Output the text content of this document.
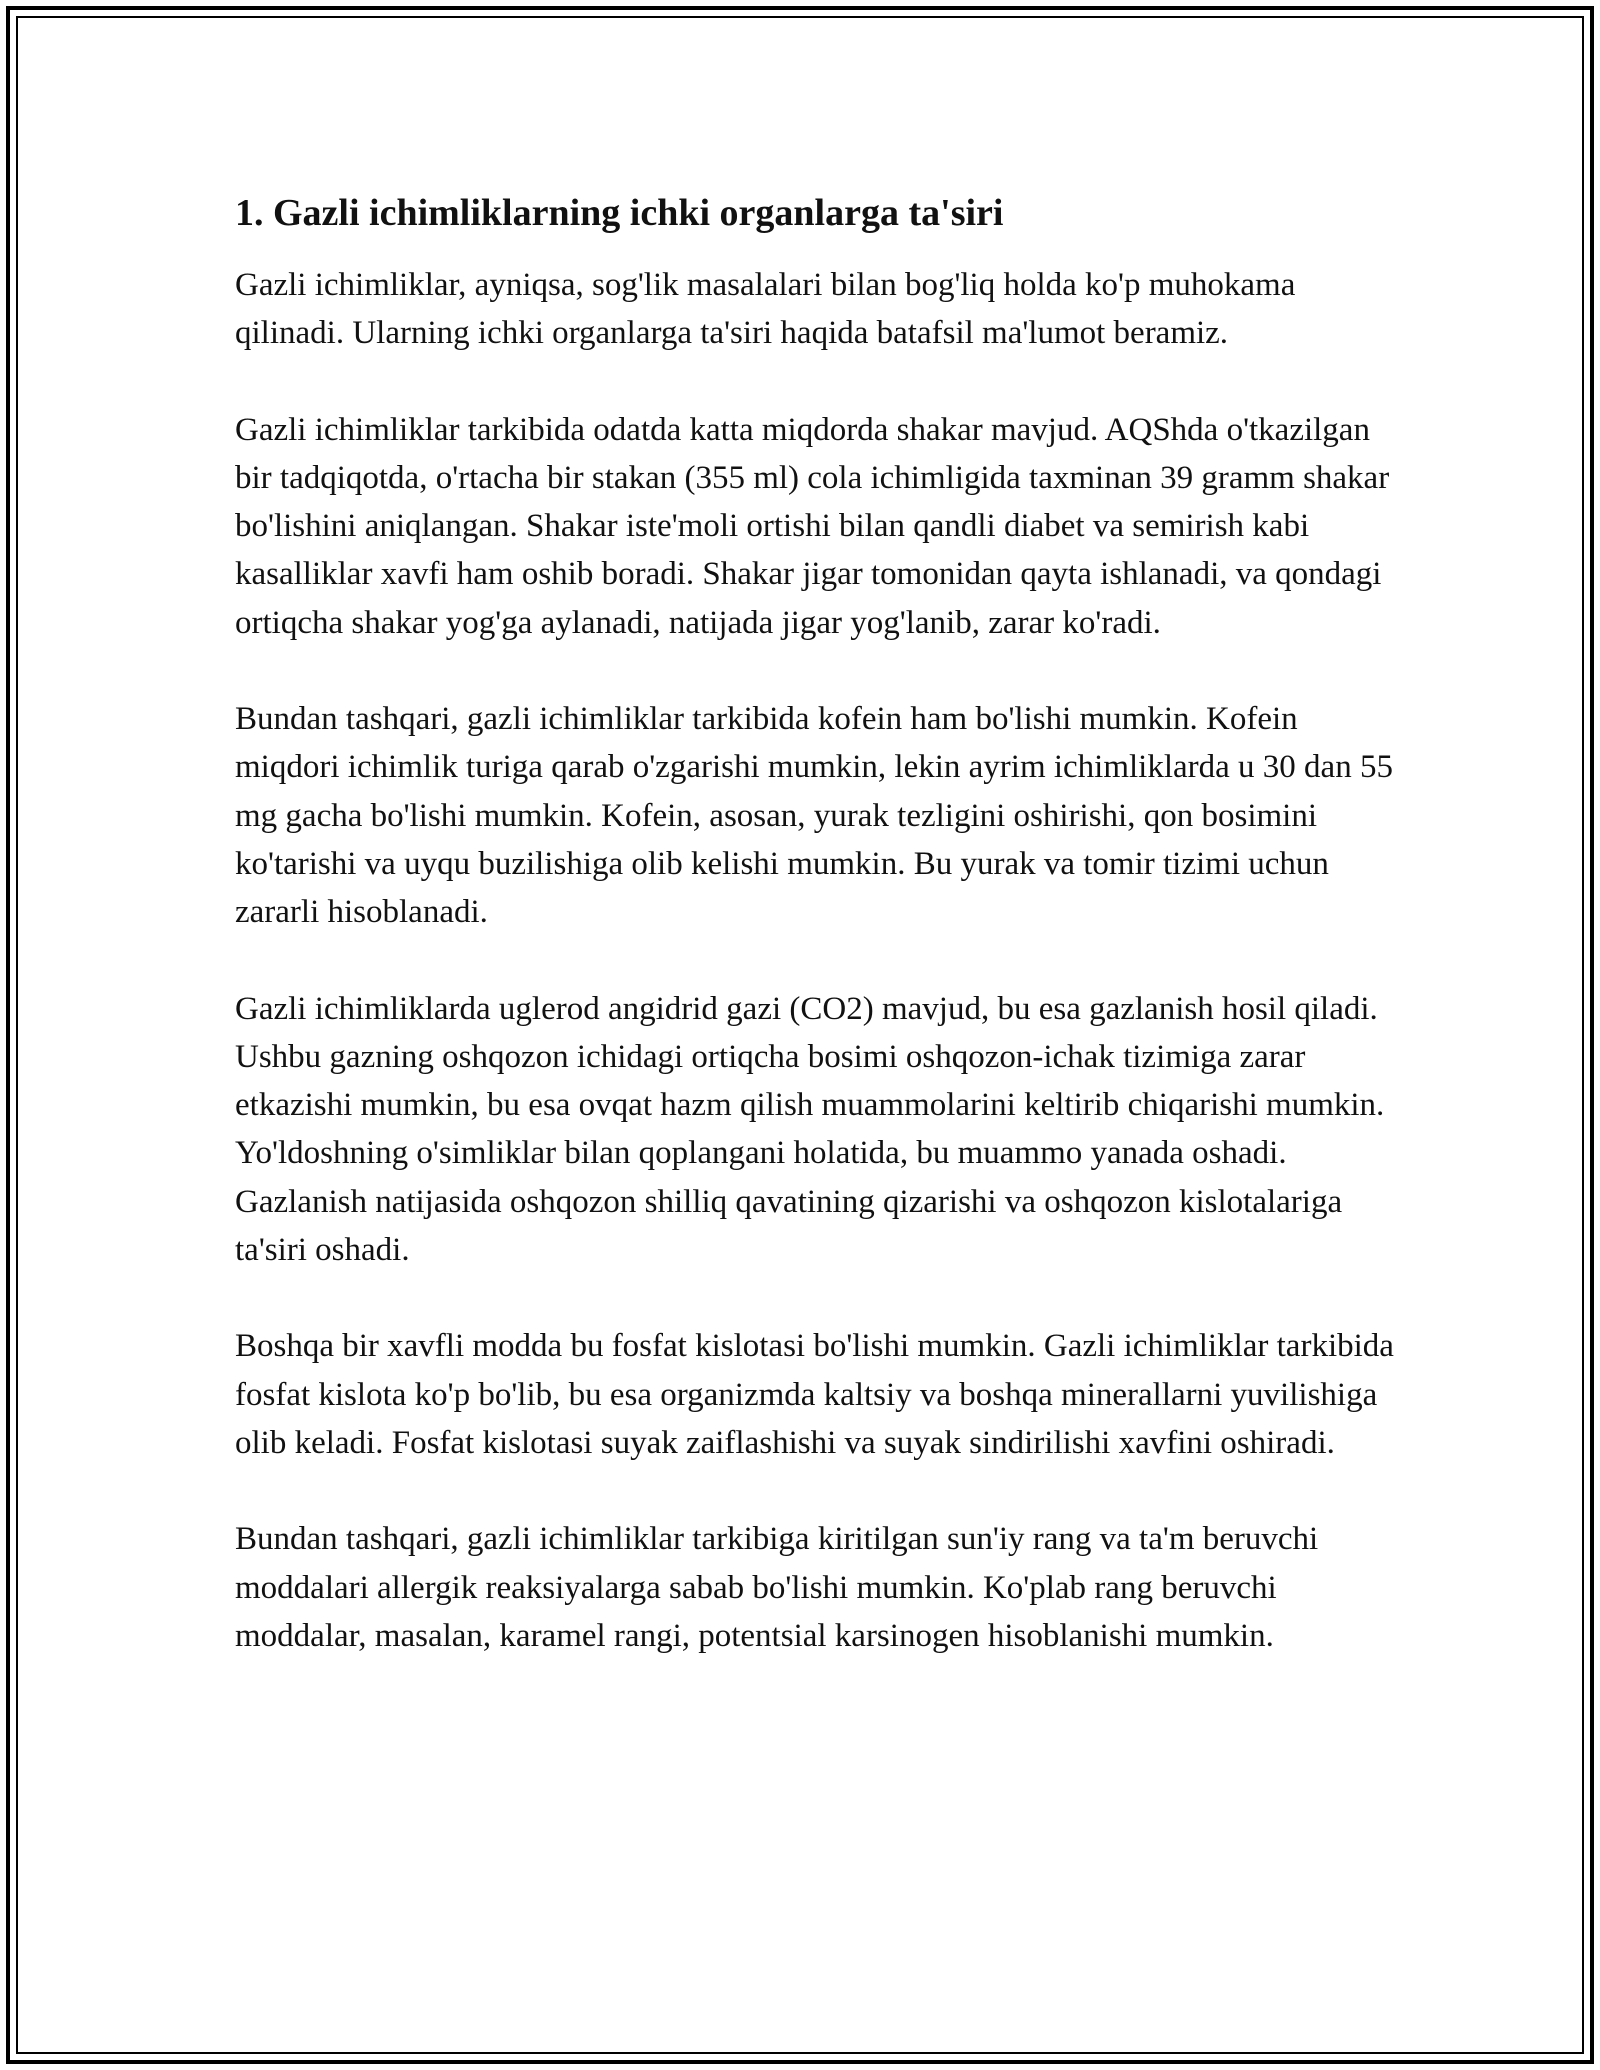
1. Gazli ichimliklarning ichki organlarga ta'siri

Gazli ichimliklar, ayniqsa, sog'lik masalalari bilan bog'liq holda ko'p muhokama qilinadi. Ularning ichki organlarga ta'siri haqida batafsil ma'lumot beramiz.

Gazli ichimliklar tarkibida odatda katta miqdorda shakar mavjud. AQShda o'tkazilgan bir tadqiqotda, o'rtacha bir stakan (355 ml) cola ichimligida taxminan 39 gramm shakar bo'lishini aniqlangan. Shakar iste'moli ortishi bilan qandli diabet va semirish kabi kasalliklar xavfi ham oshib boradi. Shakar jigar tomonidan qayta ishlanadi, va qondagi ortiqcha shakar yog'ga aylanadi, natijada jigar yog'lanib, zarar ko'radi.

Bundan tashqari, gazli ichimliklar tarkibida kofein ham bo'lishi mumkin. Kofein miqdori ichimlik turiga qarab o'zgarishi mumkin, lekin ayrim ichimliklarda u 30 dan 55 mg gacha bo'lishi mumkin. Kofein, asosan, yurak tezligini oshirishi, qon bosimini ko'tarishi va uyqu buzilishiga olib kelishi mumkin. Bu yurak va tomir tizimi uchun zararli hisoblanadi.

Gazli ichimliklarda uglerod angidrid gazi (CO2) mavjud, bu esa gazlanish hosil qiladi. Ushbu gazning oshqozon ichidagi ortiqcha bosimi oshqozon-ichak tizimiga zarar etkazishi mumkin, bu esa ovqat hazm qilish muammolarini keltirib chiqarishi mumkin. Yo'ldoshning o'simliklar bilan qoplangani holatida, bu muammo yanada oshadi. Gazlanish natijasida oshqozon shilliq qavatining qizarishi va oshqozon kislotalariga ta'siri oshadi.

Boshqa bir xavfli modda bu fosfat kislotasi bo'lishi mumkin. Gazli ichimliklar tarkibida fosfat kislota ko'p bo'lib, bu esa organizmda kaltsiy va boshqa minerallarni yuvilishiga olib keladi. Fosfat kislotasi suyak zaiflashishi va suyak sindirilishi xavfini oshiradi.

Bundan tashqari, gazli ichimliklar tarkibiga kiritilgan sun'iy rang va ta'm beruvchi moddalari allergik reaksiyalarga sabab bo'lishi mumkin. Ko'plab rang beruvchi moddalar, masalan, karamel rangi, potentsial karsinogen hisoblanishi mumkin.
